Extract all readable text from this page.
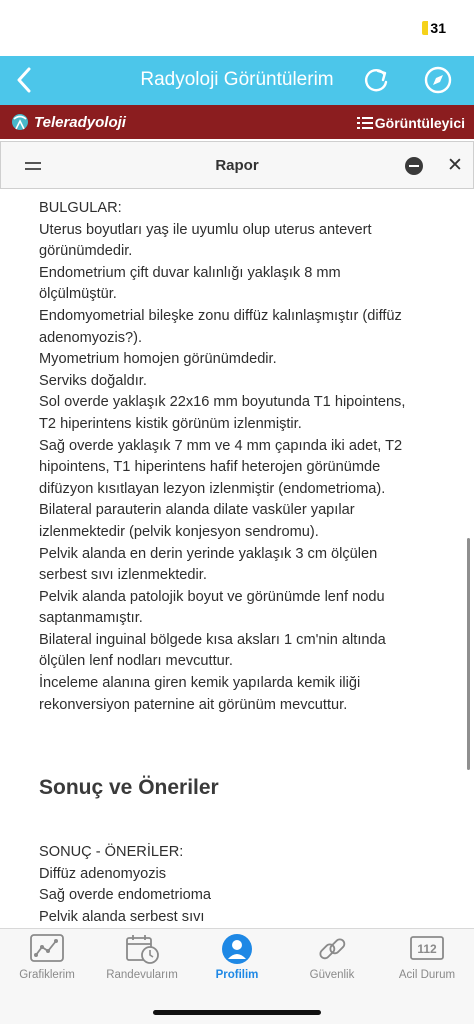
31
Radyoloji Görüntülerim
Teleradyoloji	Görüntüleyici
Rapor	✕
BULGULAR:
Uterus boyutları yaş ile uyumlu olup uterus antevert
görünümdedir.
Endometrium çift duvar kalınlığı yaklaşık 8 mm
ölçülmüştür.
Endomyometrial bileşke zonu diffüz kalınlaşmıştır (diffüz
adenomyozis?).
Myometrium homojen görünümdedir.
Serviks doğaldır.
Sol overde yaklaşık 22x16 mm boyutunda T1 hipointens,
T2 hiperintens kistik görünüm izlenmiştir.
Sağ overde yaklaşık 7 mm ve 4 mm çapında iki adet, T2
hipointens, T1 hiperintens hafif heterojen görünümde
difüzyon kısıtlayan lezyon izlenmiştir (endometrioma).
Bilateral parauterin alanda dilate vasküler yapılar
izlenmektedir (pelvik konjesyon sendromu).
Pelvik alanda en derin yerinde yaklaşık 3 cm ölçülen
serbest sıvı izlenmektedir.
Pelvik alanda patolojik boyut ve görünümde lenf nodu
saptanmamıştır.
Bilateral inguinal bölgede kısa aksları 1 cm'nin altında
ölçülen lenf nodları mevcuttur.
İnceleme alanına giren kemik yapılarda kemik iliği
rekonversiyon paternine ait görünüm mevcuttur.
Sonuç ve Öneriler
SONUÇ - ÖNERİLER:
Diffüz adenomyozis
Sağ overde endometrioma
Pelvik alanda serbest sıvı
Grafiklerim	Randevularım	Profilim	Güvenlik
112
Acil Durum
